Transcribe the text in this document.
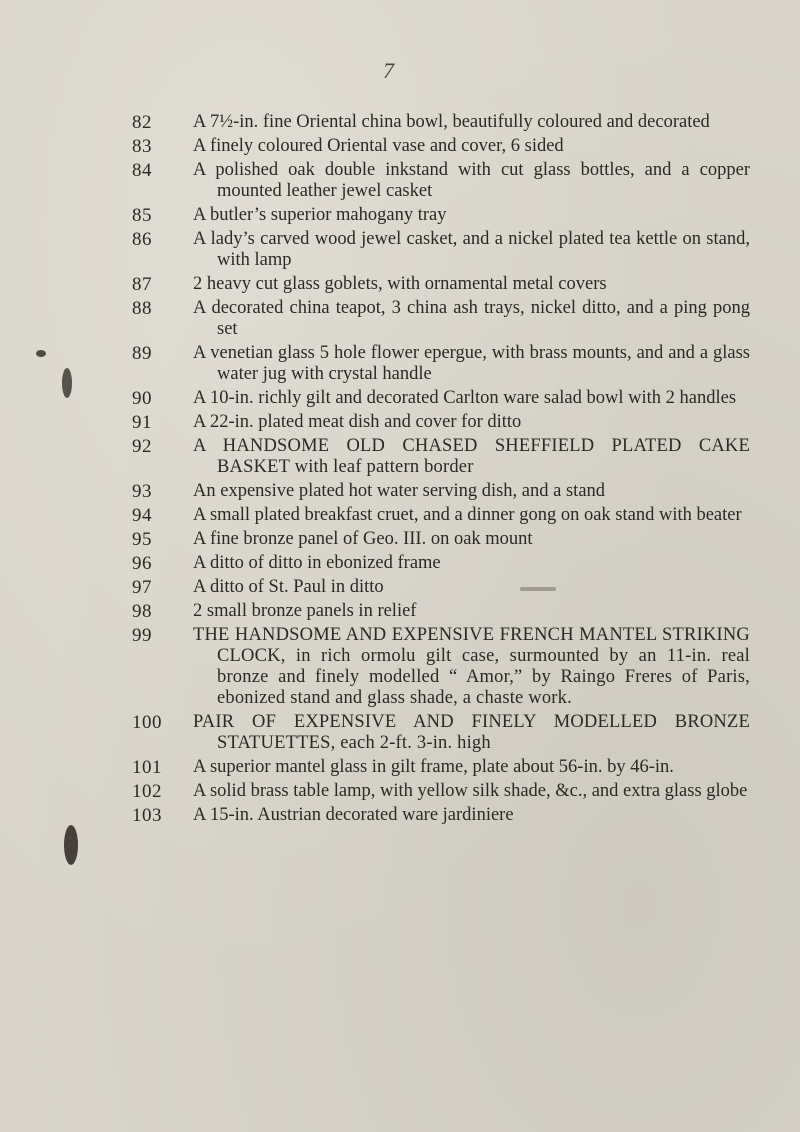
7
82	A 7½-in. fine Oriental china bowl, beautifully coloured and decorated
83	A finely coloured Oriental vase and cover, 6 sided
84	A polished oak double inkstand with cut glass bottles, and a copper mounted leather jewel casket
85	A butler’s superior mahogany tray
86	A lady’s carved wood jewel casket, and a nickel plated tea kettle on stand, with lamp
87	2 heavy cut glass goblets, with ornamental metal covers
88	A decorated china teapot, 3 china ash trays, nickel ditto, and a ping pong set
89	A venetian glass 5 hole flower epergue, with brass mounts, and and a glass water jug with crystal handle
90	A 10-in. richly gilt and decorated Carlton ware salad bowl with 2 handles
91	A 22-in. plated meat dish and cover for ditto
92	A HANDSOME OLD CHASED SHEFFIELD PLATED CAKE BASKET with leaf pattern border
93	An expensive plated hot water serving dish, and a stand
94	A small plated breakfast cruet, and a dinner gong on oak stand with beater
95	A fine bronze panel of Geo. III. on oak mount
96	A ditto of ditto in ebonized frame
97	A ditto of St. Paul in ditto
98	2 small bronze panels in relief
99	THE HANDSOME AND EXPENSIVE FRENCH MANTEL STRIKING CLOCK, in rich ormolu gilt case, surmounted by an 11-in. real bronze and finely modelled “ Amor,” by Raingo Freres of Paris, ebonized stand and glass shade, a chaste work.
100	PAIR OF EXPENSIVE AND FINELY MODELLED BRONZE STATUETTES, each 2-ft. 3-in. high
101	A superior mantel glass in gilt frame, plate about 56-in. by 46-in.
102	A solid brass table lamp, with yellow silk shade, &c., and extra glass globe
103	A 15-in. Austrian decorated ware jardiniere
